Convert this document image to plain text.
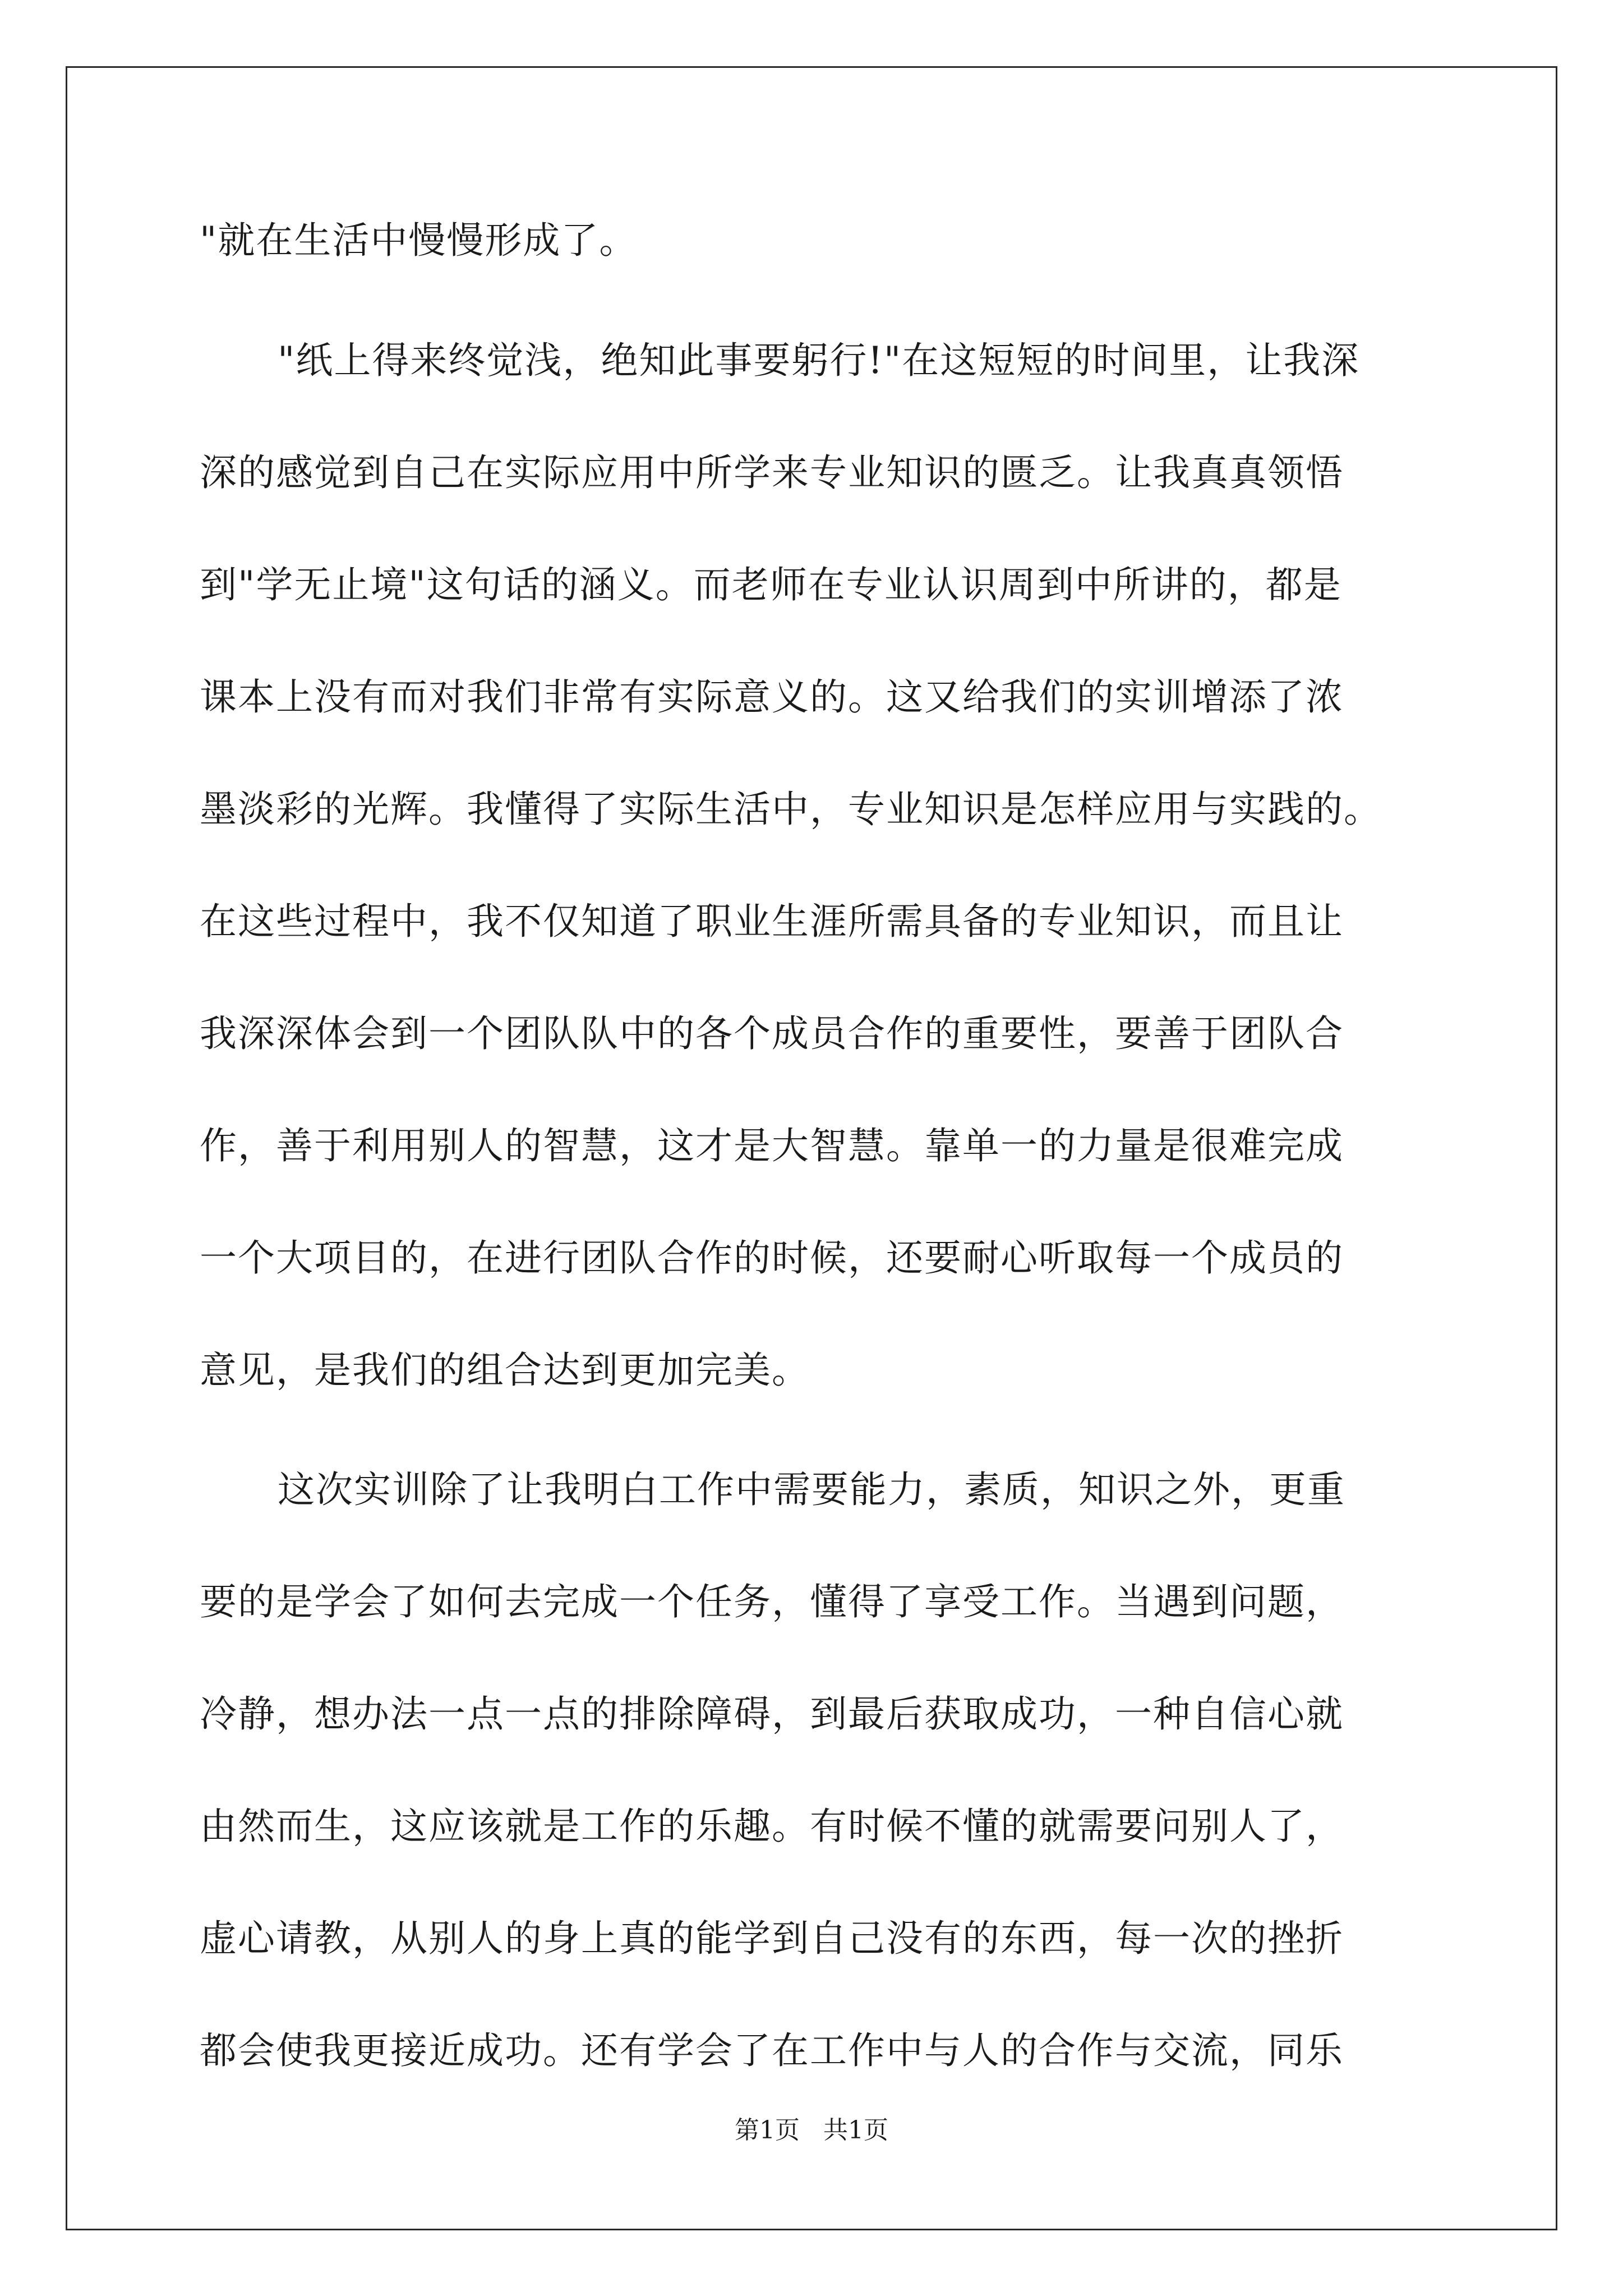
"就在生活中慢慢形成了。
"纸上得来终觉浅，绝知此事要躬行!"在这短短的时间里，让我深
深的感觉到自己在实际应用中所学来专业知识的匮乏。让我真真领悟
到"学无止境"这句话的涵义。而老师在专业认识周到中所讲的，都是
课本上没有而对我们非常有实际意义的。这又给我们的实训增添了浓
墨淡彩的光辉。我懂得了实际生活中，专业知识是怎样应用与实践的。
在这些过程中，我不仅知道了职业生涯所需具备的专业知识，而且让
我深深体会到一个团队队中的各个成员合作的重要性，要善于团队合
作，善于利用别人的智慧，这才是大智慧。靠单一的力量是很难完成
一个大项目的，在进行团队合作的时候，还要耐心听取每一个成员的
意见，是我们的组合达到更加完美。
这次实训除了让我明白工作中需要能力，素质，知识之外，更重
要的是学会了如何去完成一个任务，懂得了享受工作。当遇到问题，
冷静，想办法一点一点的排除障碍，到最后获取成功，一种自信心就
由然而生，这应该就是工作的乐趣。有时候不懂的就需要问别人了，
虚心请教，从别人的身上真的能学到自己没有的东西，每一次的挫折
都会使我更接近成功。还有学会了在工作中与人的合作与交流，同乐
第1页   共1页
